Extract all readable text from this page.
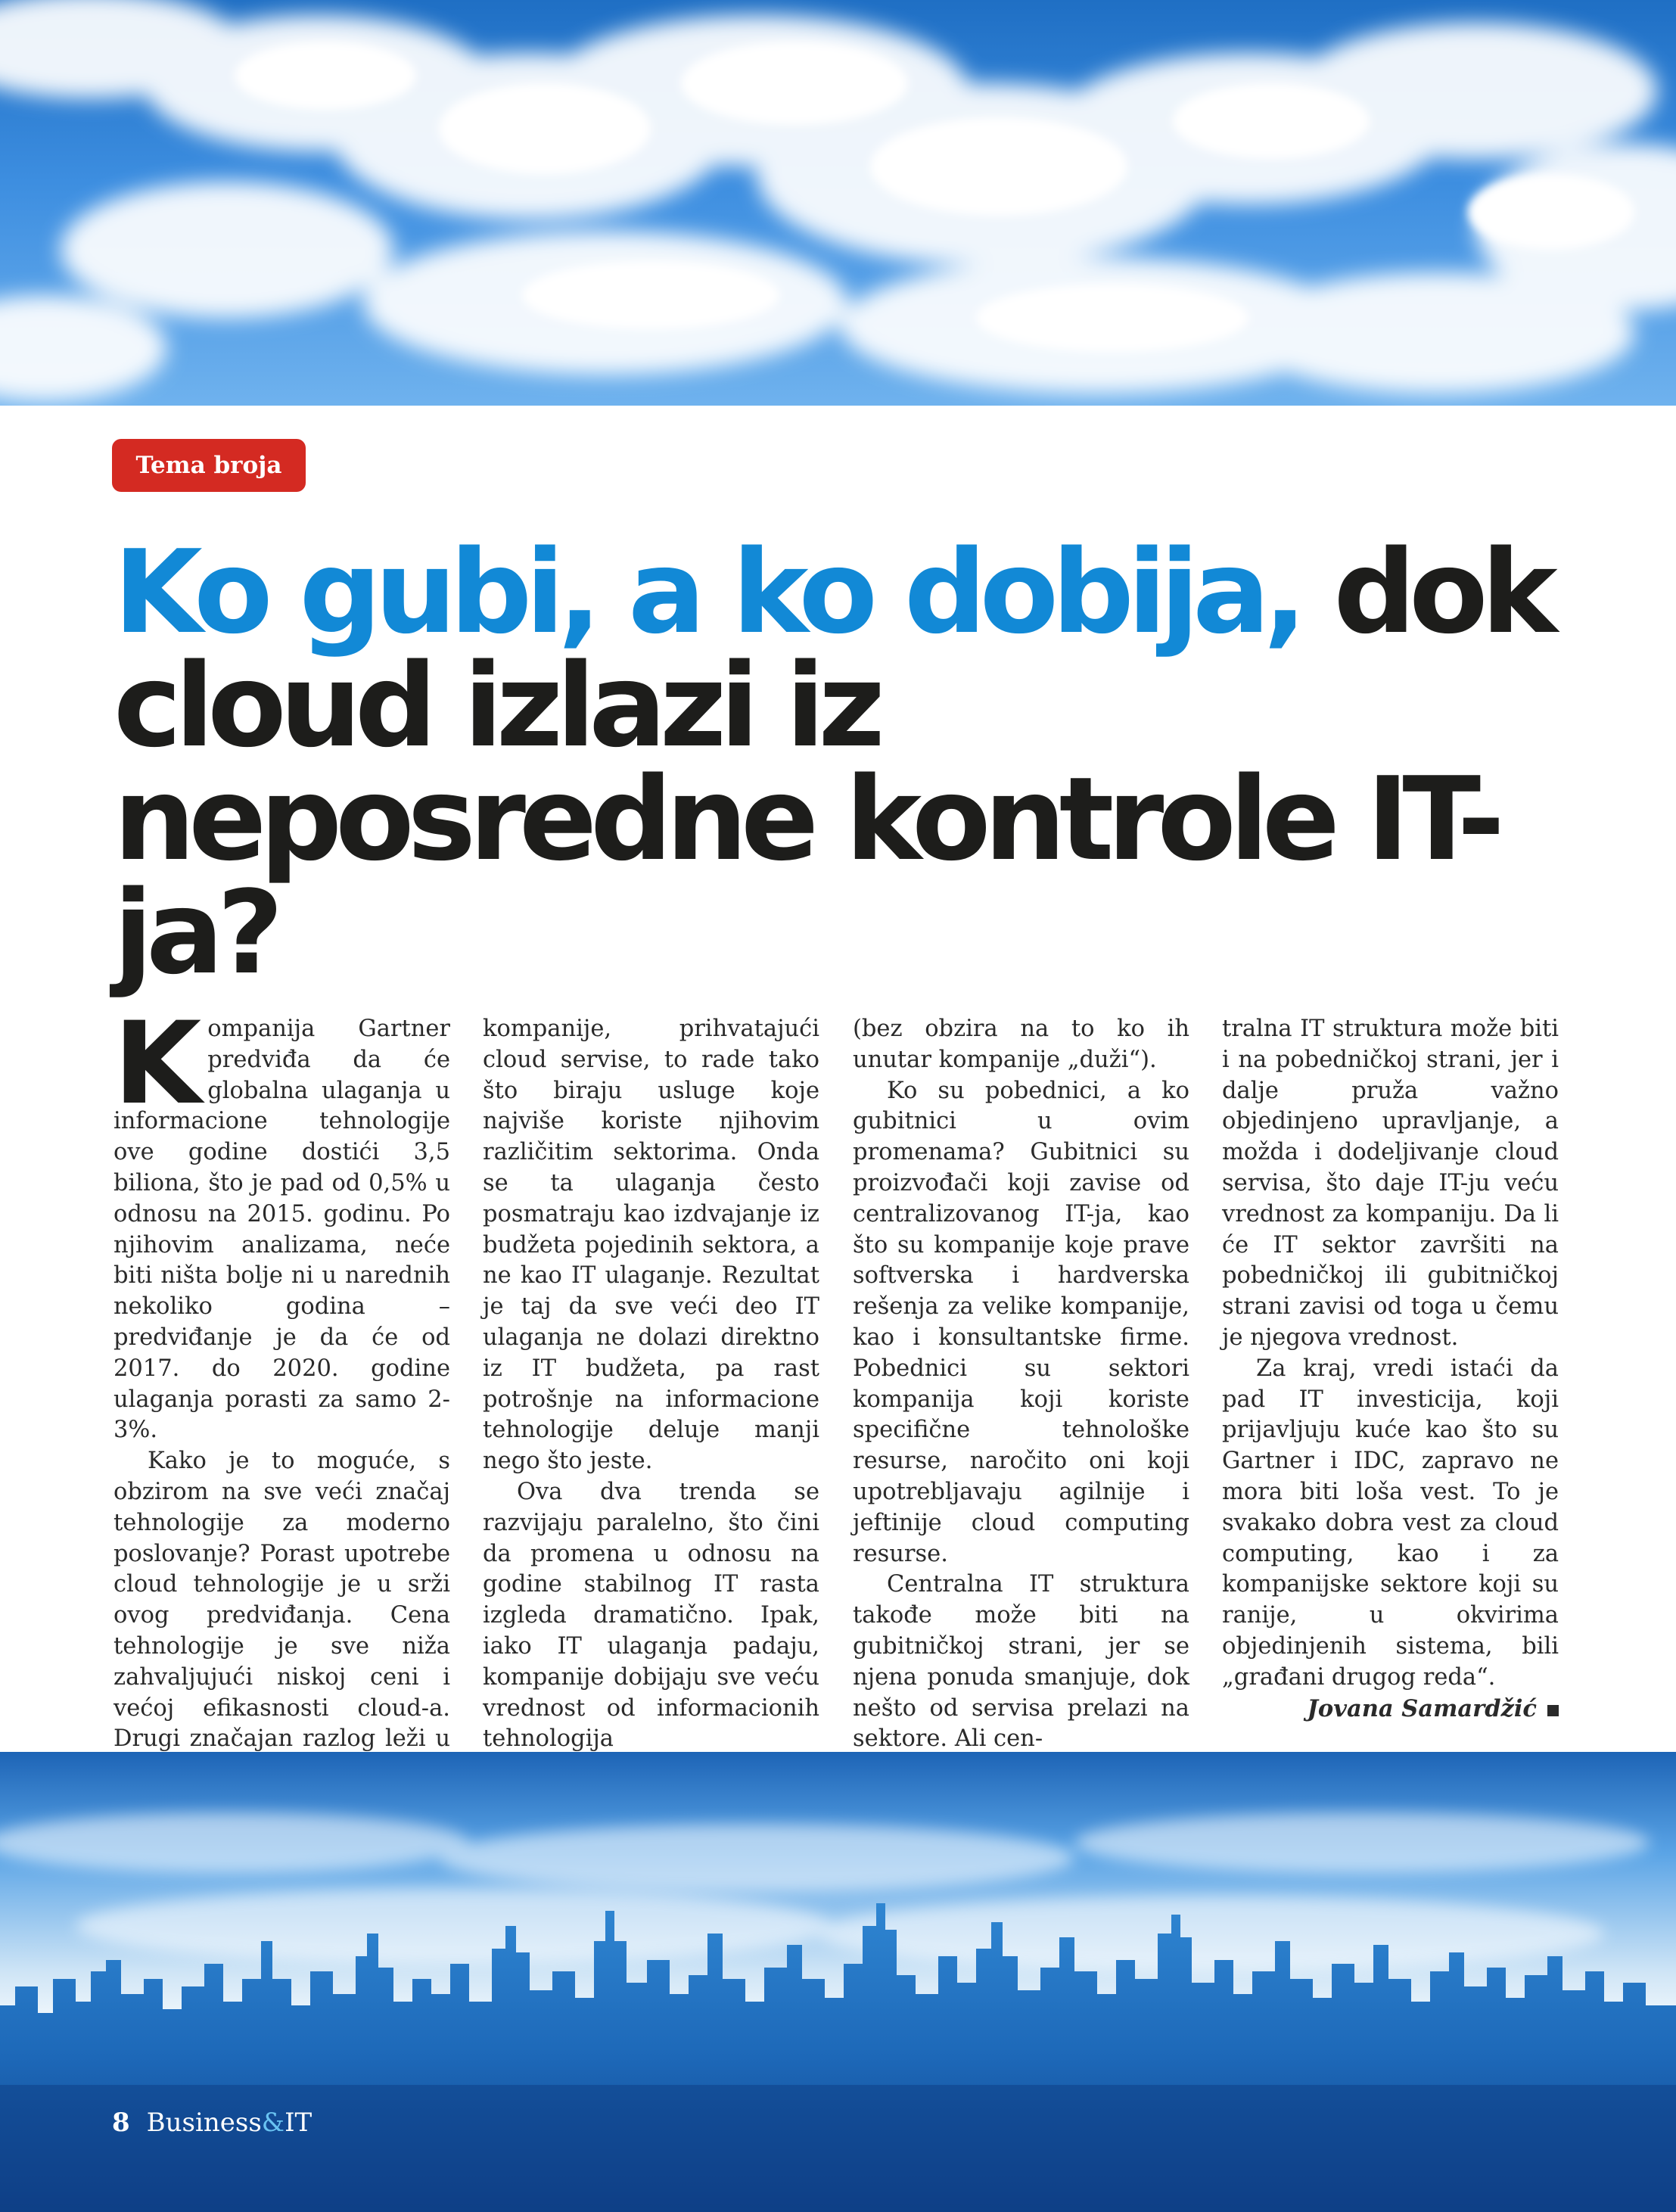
Tema broja
Ko gubi, a ko dobija, dok cloud izlazi iz neposredne kontrole IT-ja?

Kompanija Gartner predviđa da će globalna ulaganja u informacione tehnologije ove godine dostići 3,5 biliona, što je pad od 0,5% u odnosu na 2015. godinu. Po njihovim analizama, neće biti ništa bolje ni u narednih nekoliko godina – predviđanje je da će od 2017. do 2020. godine ulaganja porasti za samo 2-3%.

Kako je to moguće, s obzirom na sve veći značaj tehnologije za moderno poslovanje? Porast upotrebe cloud tehnologije je u srži ovog predviđanja. Cena tehnologije je sve niža zahvaljujući niskoj ceni i većoj efikasnosti cloud-a. Drugi značajan razlog leži u

kompanije, prihvatajući cloud servise, to rade tako što biraju usluge koje najviše koriste njihovim različitim sektorima. Onda se ta ulaganja često posmatraju kao izdvajanje iz budžeta pojedinih sektora, a ne kao IT ulaganje. Rezultat je taj da sve veći deo IT ulaganja ne dolazi direktno iz IT budžeta, pa rast potrošnje na informacione tehnologije deluje manji nego što jeste.

Ova dva trenda se razvijaju paralelno, što čini da promena u odnosu na godine stabilnog IT rasta izgleda dramatično. Ipak, iako IT ulaganja padaju, kompanije dobijaju sve veću vrednost od informacionih tehnologija

(bez obzira na to ko ih unutar kompanije „duži“).

Ko su pobednici, a ko gubitnici u ovim promenama? Gubitnici su proizvođači koji zavise od centralizovanog IT-ja, kao što su kompanije koje prave softverska i hardverska rešenja za velike kompanije, kao i konsultantske firme. Pobednici su sektori kompanija koji koriste specifične tehnološke resurse, naročito oni koji upotrebljavaju agilnije i jeftinije cloud computing resurse.

Centralna IT struktura takođe može biti na gubitničkoj strani, jer se njena ponuda smanjuje, dok nešto od servisa prelazi na sektore. Ali cen-

tralna IT struktura može biti i na pobedničkoj strani, jer i dalje pruža važno objedinjeno upravljanje, a možda i dodeljivanje cloud servisa, što daje IT-ju veću vrednost za kompaniju. Da li će IT sektor završiti na pobedničkoj ili gubitničkoj strani zavisi od toga u čemu je njegova vrednost.

Za kraj, vredi istaći da pad IT investicija, koji prijavljuju kuće kao što su Gartner i IDC, zapravo ne mora biti loša vest. To je svakako dobra vest za cloud computing, kao i za kompanijske sektore koji su ranije, u okvirima objedinjenih sistema, bili „građani drugog reda“.

Jovana Samardžić

8 Business&IT
